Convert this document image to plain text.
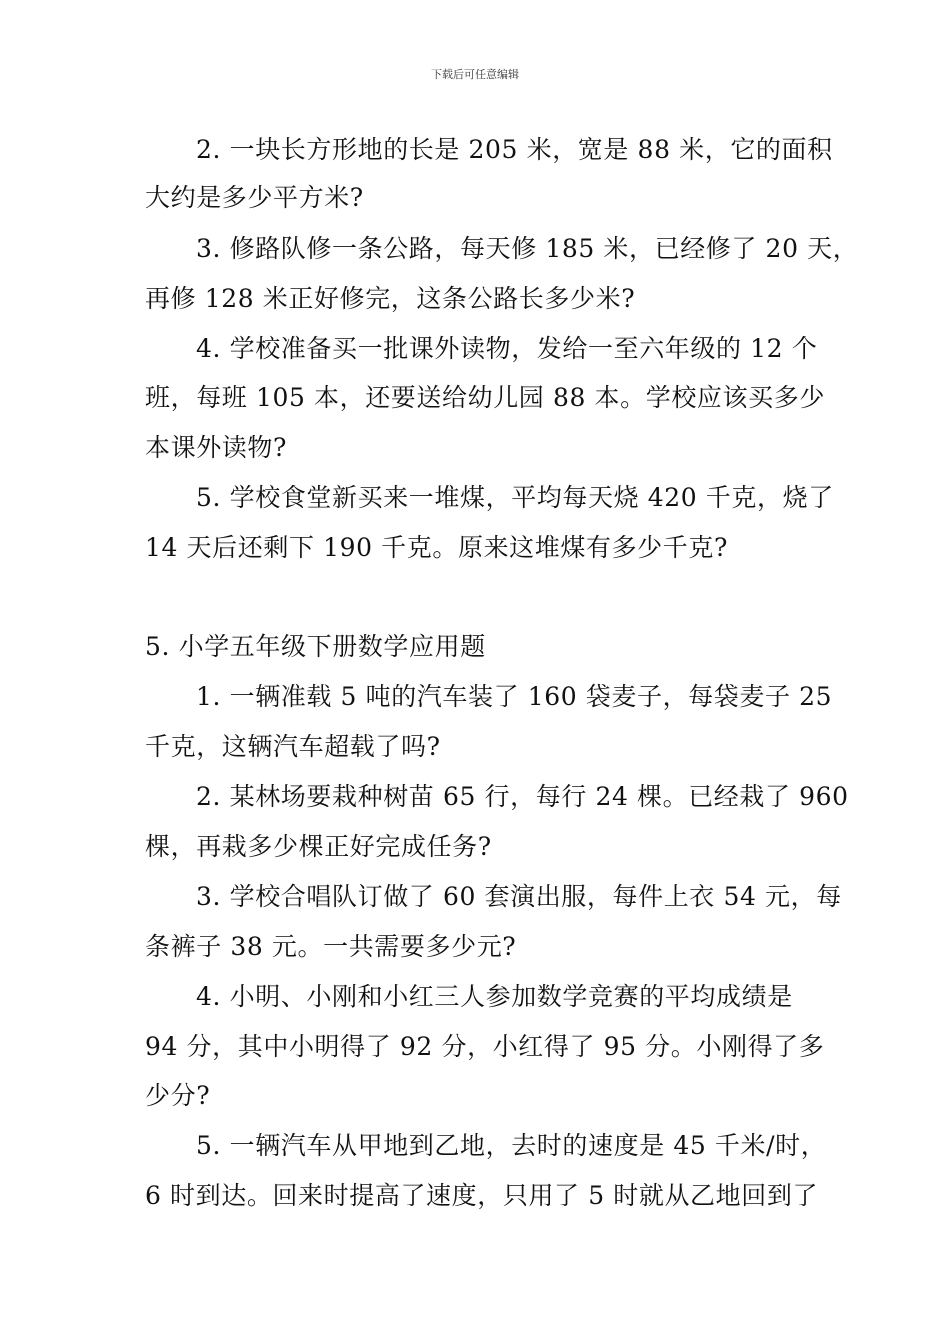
下载后可任意编辑
2. 一块长方形地的长是 205 米，宽是 88 米，它的面积
大约是多少平方米?
3. 修路队修一条公路，每天修 185 米，已经修了 20 天，
再修 128 米正好修完，这条公路长多少米?
4. 学校准备买一批课外读物，发给一至六年级的 12 个
班，每班 105 本，还要送给幼儿园 88 本。学校应该买多少
本课外读物?
5. 学校食堂新买来一堆煤，平均每天烧 420 千克，烧了
14 天后还剩下 190 千克。原来这堆煤有多少千克?
5. 小学五年级下册数学应用题
1. 一辆准载 5 吨的汽车装了 160 袋麦子，每袋麦子 25
千克，这辆汽车超载了吗?
2. 某林场要栽种树苗 65 行，每行 24 棵。已经栽了 960
棵，再栽多少棵正好完成任务?
3. 学校合唱队订做了 60 套演出服，每件上衣 54 元，每
条裤子 38 元。一共需要多少元?
4. 小明、小刚和小红三人参加数学竞赛的平均成绩是
94 分，其中小明得了 92 分，小红得了 95 分。小刚得了多
少分?
5. 一辆汽车从甲地到乙地，去时的速度是 45 千米/时，
6 时到达。回来时提高了速度，只用了 5 时就从乙地回到了
